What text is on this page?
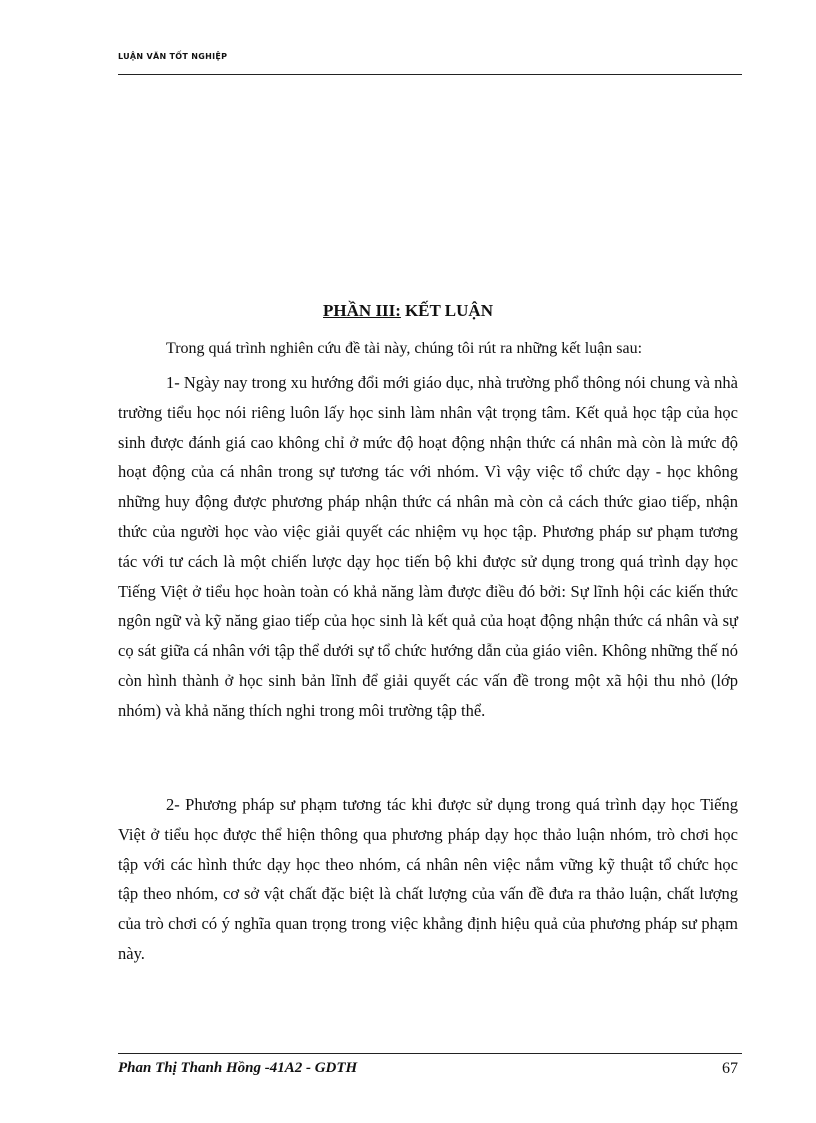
LUẬN VĂN TỐT NGHIỆP
PHẦN III: KẾT LUẬN
Trong quá trình nghiên cứu đề tài này, chúng tôi rút ra những kết luận sau:

1- Ngày nay trong xu hướng đổi mới giáo dục, nhà trường phổ thông nói chung và nhà trường tiểu học nói riêng luôn lấy học sinh làm nhân vật trọng tâm. Kết quả học tập của học sinh được đánh giá cao không chỉ ở mức độ hoạt động nhận thức cá nhân mà còn là mức độ hoạt động của cá nhân trong sự tương tác với nhóm. Vì vậy việc tổ chức dạy - học không những huy động được phương pháp nhận thức cá nhân mà còn cả cách thức giao tiếp, nhận thức của người học vào việc giải quyết các nhiệm vụ học tập. Phương pháp sư phạm tương tác với tư cách là một chiến lược dạy học tiến bộ khi được sử dụng trong quá trình dạy học Tiếng Việt ở tiểu học hoàn toàn có khả năng làm được điều đó bởi: Sự lĩnh hội các kiến thức ngôn ngữ và kỹ năng giao tiếp của học sinh là kết quả của hoạt động nhận thức cá nhân và sự cọ sát giữa cá nhân với tập thể dưới sự tổ chức hướng dẫn của giáo viên. Không những thế nó còn hình thành ở học sinh bản lĩnh để giải quyết các vấn đề trong một xã hội thu nhỏ (lớp nhóm) và khả năng thích nghi trong môi trường tập thể.

2- Phương pháp sư phạm tương tác khi được sử dụng trong quá trình dạy học Tiếng Việt ở tiểu học được thể hiện thông qua phương pháp dạy học thảo luận nhóm, trò chơi học tập với các hình thức dạy học theo nhóm, cá nhân nên việc nắm vững kỹ thuật tổ chức học tập theo nhóm, cơ sở vật chất đặc biệt là chất lượng của vấn đề đưa ra thảo luận, chất lượng của trò chơi có ý nghĩa quan trọng trong việc khẳng định hiệu quả của phương pháp sư phạm này.

Phan Thị Thanh Hồng -41A2 - GDTH	67
